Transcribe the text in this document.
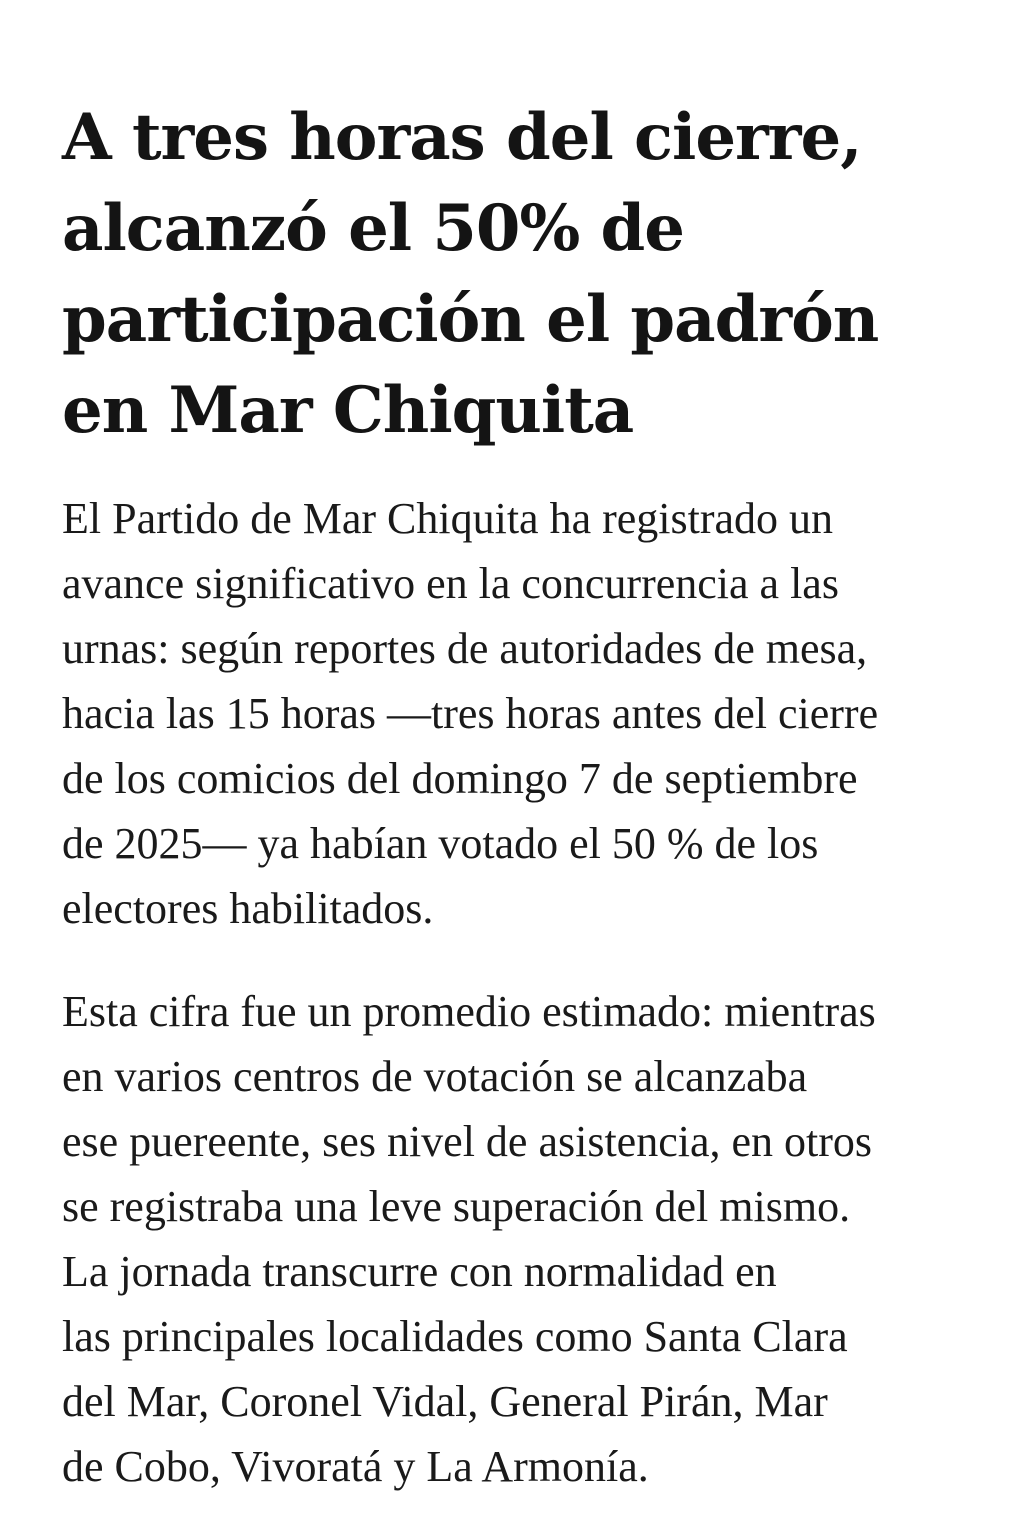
A tres horas del cierre,
alcanzó el 50% de
participación el padrón
en Mar Chiquita

El Partido de Mar Chiquita ha registrado un
avance significativo en la concurrencia a las
urnas: según reportes de autoridades de mesa,
hacia las 15 horas —tres horas antes del cierre
de los comicios del domingo 7 de septiembre
de 2025— ya habían votado el 50 % de los
electores habilitados.

Esta cifra fue un promedio estimado: mientras
en varios centros de votación se alcanzaba
ese puereente, ses nivel de asistencia, en otros
se registraba una leve superación del mismo.
La jornada transcurre con normalidad en
las principales localidades como Santa Clara
del Mar, Coronel Vidal, General Pirán, Mar
de Cobo, Vivoratá y La Armonía.
